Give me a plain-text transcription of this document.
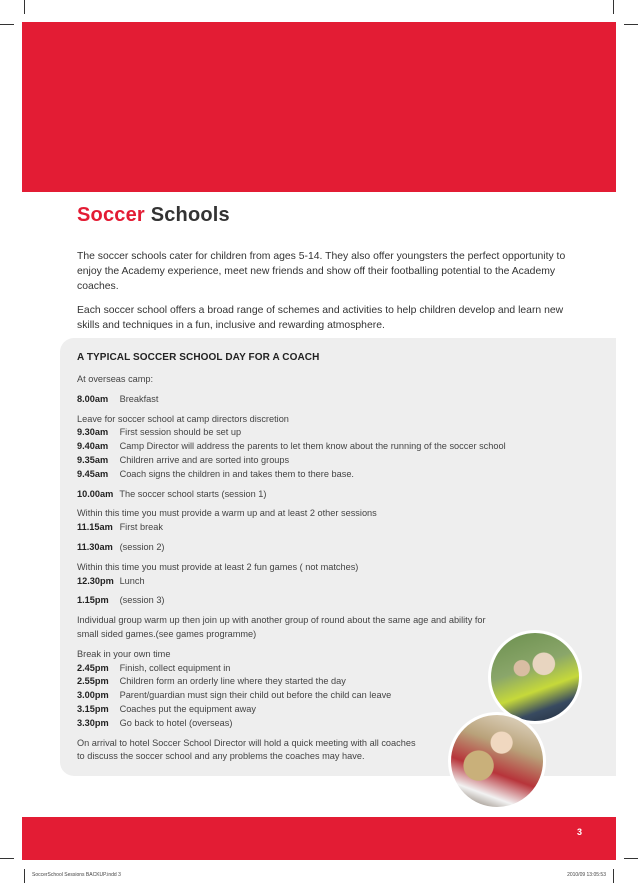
Soccer Schools

The soccer schools cater for children from ages 5-14. They also offer youngsters the perfect opportunity to enjoy the Academy experience, meet new friends and show off their footballing potential to the Academy coaches.

Each soccer school offers a broad range of schemes and activities to help children develop and learn new skills and techniques in a fun, inclusive and rewarding atmosphere.

A TYPICAL SOCCER SCHOOL DAY FOR A COACH
At overseas camp:
8.00am Breakfast
Leave for soccer school at camp directors discretion
9.30am First session should be set up
9.40am Camp Director will address the parents to let them know about the running of the soccer school
9.35am Children arrive and are sorted into groups
9.45am Coach signs the children in and takes them to there base.
10.00am The soccer school starts (session 1)
Within this time you must provide a warm up and at least 2 other sessions
11.15am First break
11.30am (session 2)
Within this time you must provide at least 2 fun games ( not matches)
12.30pm Lunch
1.15pm (session 3)
Individual group warm up then join up with another group of round about the same age and ability for
small sided games.(see games programme)
Break in your own time
2.45pm Finish, collect equipment in
2.55pm Children form an orderly line where they started the day
3.00pm Parent/guardian must sign their child out before the child can leave
3.15pm Coaches put the equipment away
3.30pm Go back to hotel (overseas)
On arrival to hotel Soccer School Director will hold a quick meeting with all coaches
to discuss the soccer school and any problems the coaches may have.
3
SoccerSchool Sessions BACKUP.indd 3	2010/09 13:05:53
